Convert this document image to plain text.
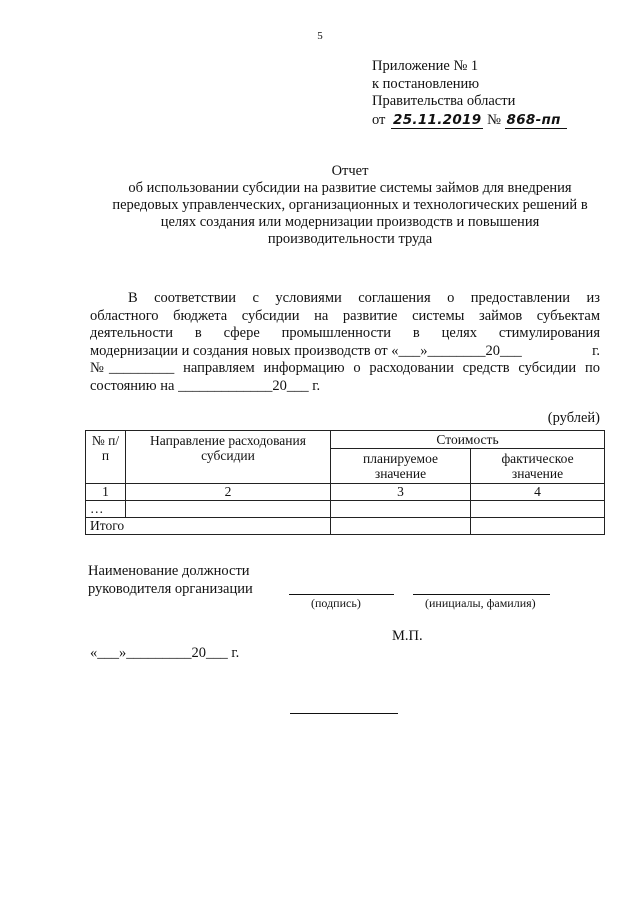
5
Приложение № 1
к постановлению
Правительства области
от 25.11.2019 № 868-пп
Отчет
об использовании субсидии на развитие системы займов для внедрения
передовых управленческих, организационных и технологических решений в
целях создания или модернизации производств и повышения
производительности труда
В соответствии с условиями соглашения о предоставлении из
областного бюджета субсидии на развитие системы займов субъектам
деятельности в сфере промышленности в целях стимулирования
модернизации и создания новых производств от «___»________20___	г.
№_________ направляем информацию о расходовании средств субсидии по
состоянию на _____________20___ г.
(рублей)
№ п/п	Направление расходования субсидии	Стоимость	
		планируемое значение	фактическое значение
1	2	3	4
…			
Итого			
Наименование должности
руководителя организации
(подпись)	(инициалы, фамилия)
М.П.
«___»_________20___ г.
